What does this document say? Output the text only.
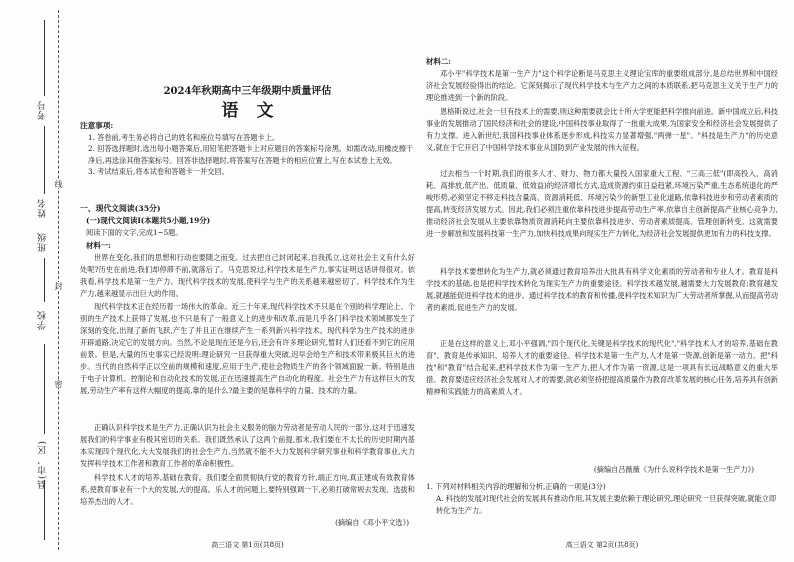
考号
姓名
班级
学校
县(市、区)
线
封
密
2024年秋期高中三年级期中质量评估
语文
注意事项:
1. 答卷前,考生务必将自己的姓名和座位号填写在答题卡上。
2. 回答选择题时,选出每小题答案后,用铅笔把答题卡上对应题目的答案标号涂黑。如需改动,用橡皮擦干净后,再选涂其他答案标号。回答非选择题时,将答案写在答题卡的相应位置上,写在本试卷上无效。
3. 考试结束后,将本试卷和答题卡一并交回。
一、现代文阅读(35分)
(一)现代文阅读Ⅰ(本题共5小题,19分)
阅读下面的文字,完成1~5题。
材料一:
世界在变化,我们的思想和行动也要随之而变。过去把自己封闭起来,自我孤立,这对社会主义有什么好处呢?历史在前进,我们却停滞不前,就落后了。马克思说过,科学技术是生产力,事实证明这话讲得很对。依我看,科学技术是第一生产力。现代科学技术的发展,使科学与生产的关系越来越密切了。科学技术作为生产力,越来越显示出巨大的作用。
现代科学技术正在经历着一场伟大的革命。近三十年来,现代科学技术不只是在个别的科学理论上、个别的生产技术上获得了发展,也不只是有了一般意义上的进步和改革,而是几乎各门科学技术领域都发生了深刻的变化,出现了新的飞跃,产生了并且正在继续产生一系列新兴科学技术。现代科学为生产技术的进步开辟道路,决定它的发展方向。当然,不论是现在还是今后,还会有许多理论研究,暂时人们还看不到它的应用前景。但是,大量的历史事实已经说明:理论研究一旦获得重大突破,迟早会给生产和技术带来极其巨大的进步。当代的自然科学正以空前的规模和速度,应用于生产,使社会物质生产的各个领域面貌一新。特别是由于电子计算机、控制论和自动化技术的发展,正在迅速提高生产自动化的程度。社会生产力有这样巨大的发展,劳动生产率有这样大幅度的提高,靠的是什么?最主要的是靠科学的力量、技术的力量。
正确认识科学技术是生产力,正确认识为社会主义服务的脑力劳动者是劳动人民的一部分,这对于迅速发展我们的科学事业有极其密切的关系。我们既然承认了这两个前提,那末,我们要在不太长的历史时期内基本实现四个现代化,大大发展我们的社会生产力,当然就不能不大力发展科学研究事业和科学教育事业,大力发挥科学技术工作者和教育工作者的革命积极性。
科学技术人才的培养,基础在教育。我们要全面贯彻执行党的教育方针,端正方向,真正建成有效教育体系,使教育事业有一个大的发展,大的提高。乐人才的问题上,要特别强调一下,必须打破常规去发现、选拔和培养杰出的人才。
(摘编自《邓小平文选》)
高三语文 第1页(共8页)
材料二:
邓小平"科学技术是第一生产力"这个科学论断是马克思主义理论宝库的重要组成部分,是总结世界和中国经济社会发展经验得出的结论。它深刻揭示了现代科学技术与生产力之间的本质联系,把马克思主义关于生产力的理论推进到一个新的阶段。
恩格斯说过,社会一旦有技术上的需要,则这种需要就会比十所大学更能把科学推向前进。新中国成立后,科技事业的发展推动了国民经济和社会的建设,中国科技事业取得了一批重大成果,为国家安全和经济社会发展提供了有力支撑。进入新世纪,我国科技事业体系逐步形成,科技实力显著增强,"两弹一星"、"科技是生产力"的历史意义,就在于它开启了中国科学技术事业从国防到产业发展的伟大征程。
过去相当一个时期,我们的很多人才、财力、物力都大量投入国家重大工程、"三高三低"(即高投入、高消耗、高排放,低产出、低质量、低效益)的经济增长方式,造成资源约束日益趋紧,环境污染严重,生态系统退化的严峻形势,必须坚定不移走科技含量高、资源消耗低、环境污染少的新型工业化道路,依靠科技进步和劳动者素质的提高,转变经济发展方式。因此,我们必须注重依靠科技进步提高劳动生产率,依靠自主创新提高产业核心竞争力,推动经济社会发展从主要依靠物质资源消耗向主要依靠科技进步、劳动者素质提高、管理创新转变。这就需要进一步解放和发展科技第一生产力,加快科技成果向现实生产力转化,为经济社会发展提供更加有力的科技支撑。
科学技术要想转化为生产力,就必须通过教育培养出大批具有科学文化素质的劳动者和专业人才。教育是科学技术的基础,也是把科学技术转化为现实生产力的重要途径。科学技术越发展,越需要大力发展教育;教育越发展,就越能促进科学技术的进步。通过科学技术的教育和传播,使科学技术知识为广大劳动者所掌握,从而提高劳动者的素质,促进生产力的发展。
正是在这样的意义上,邓小平强调,"四个现代化,关键是科学技术的现代化","科学技术人才的培养,基础在教育"。教育是传承知识、培养人才的重要途径。科学技术是第一生产力,人才是第一资源,创新是第一动力。把"科技"和"教育"结合起来,把科学技术作为第一生产力,把人才作为第一资源,这是一项具有长远战略意义的重大举措。教育要适应经济社会发展对人才的需要,就必须坚持把提高质量作为教育改革发展的核心任务,培养具有创新精神和实践能力的高素质人才。
(摘编自吕薇薇《为什么说科学技术是第一生产力》)
1. 下列对材料相关内容的理解和分析,正确的一项是(3分)
A. 科技的发展对现代社会的发展具有推动作用,其发展主要依赖于理论研究,理论研究一旦获得突破,就能立即转化为生产力。
高三语文 第2页(共8页)
